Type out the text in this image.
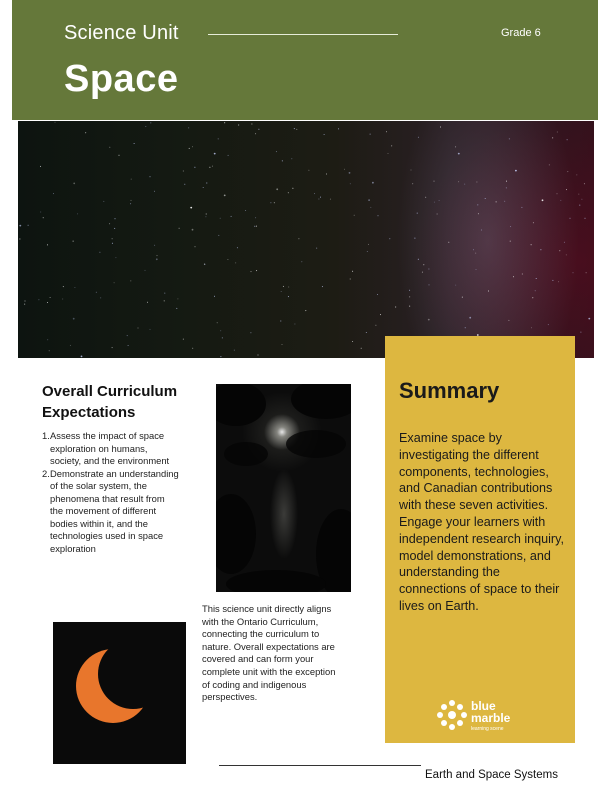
Science Unit	Grade 6
Space
Overall Curriculum Expectations
1. Assess the impact of space exploration on humans, society, and the environment
2. Demonstrate an understanding of the solar system, the phenomena that result from the movement of different bodies within it, and the technologies used in space exploration
This science unit directly aligns with the Ontario Curriculum, connecting the curriculum to nature. Overall expectations are covered and can form your complete unit with the exception of coding and indigenous perspectives.
Summary
Examine space by investigating the different components, technologies, and Canadian contributions with these seven activities. Engage your learners with independent research inquiry, model demonstrations, and understanding the connections of space to their lives on Earth.
blue
marble
learning scene
Earth and Space Systems
